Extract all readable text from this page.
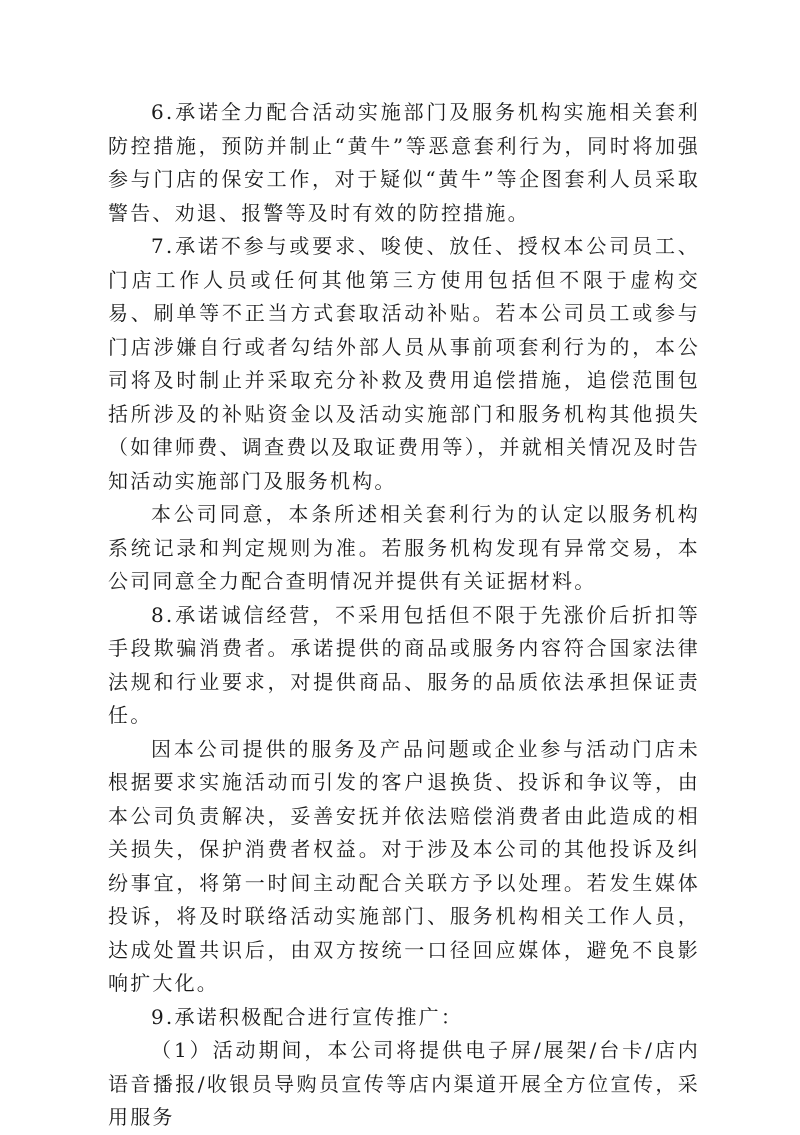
6.承诺全力配合活动实施部门及服务机构实施相关套利防控措施，预防并制止“黄牛”等恶意套利行为，同时将加强参与门店的保安工作，对于疑似“黄牛”等企图套利人员采取警告、劝退、报警等及时有效的防控措施。

7.承诺不参与或要求、唆使、放任、授权本公司员工、门店工作人员或任何其他第三方使用包括但不限于虚构交易、刷单等不正当方式套取活动补贴。若本公司员工或参与门店涉嫌自行或者勾结外部人员从事前项套利行为的，本公司将及时制止并采取充分补救及费用追偿措施，追偿范围包括所涉及的补贴资金以及活动实施部门和服务机构其他损失（如律师费、调查费以及取证费用等），并就相关情况及时告知活动实施部门及服务机构。

本公司同意，本条所述相关套利行为的认定以服务机构系统记录和判定规则为准。若服务机构发现有异常交易，本公司同意全力配合查明情况并提供有关证据材料。

8.承诺诚信经营，不采用包括但不限于先涨价后折扣等手段欺骗消费者。承诺提供的商品或服务内容符合国家法律法规和行业要求，对提供商品、服务的品质依法承担保证责任。

因本公司提供的服务及产品问题或企业参与活动门店未根据要求实施活动而引发的客户退换货、投诉和争议等，由本公司负责解决，妥善安抚并依法赔偿消费者由此造成的相关损失，保护消费者权益。对于涉及本公司的其他投诉及纠纷事宜，将第一时间主动配合关联方予以处理。若发生媒体投诉，将及时联络活动实施部门、服务机构相关工作人员，达成处置共识后，由双方按统一口径回应媒体，避免不良影响扩大化。

9.承诺积极配合进行宣传推广：

（1）活动期间，本公司将提供电子屏/展架/台卡/店内语音播报/收银员导购员宣传等店内渠道开展全方位宣传，采用服务
